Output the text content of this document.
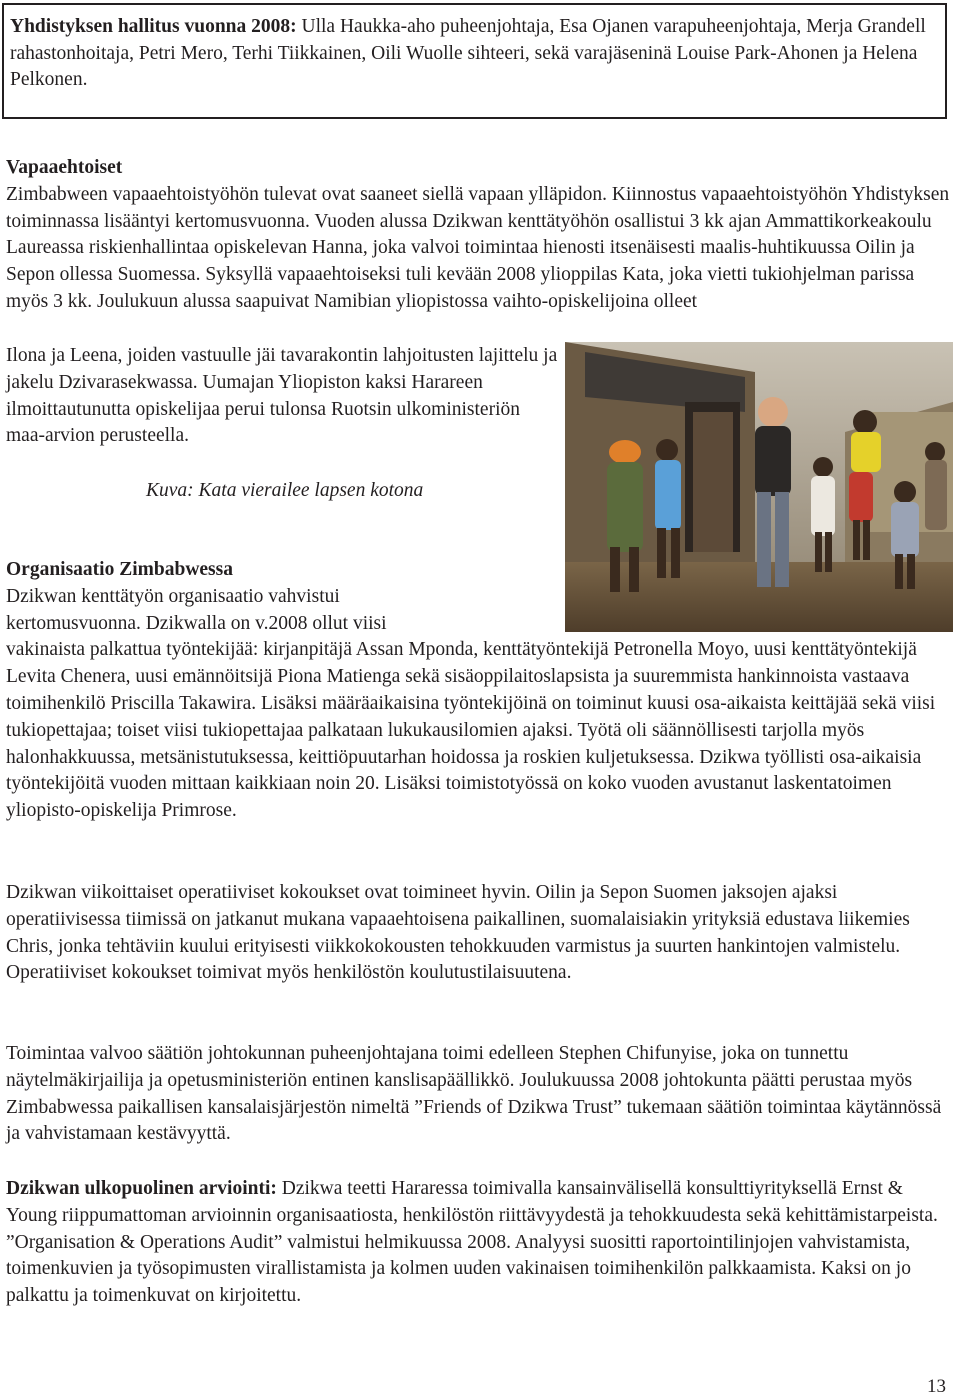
Yhdistyksen hallitus vuonna 2008: Ulla Haukka-aho puheenjohtaja, Esa Ojanen varapuheenjohtaja, Merja Grandell rahastonhoitaja, Petri Mero, Terhi Tiikkainen, Oili Wuolle sihteeri, sekä varajäseninä Louise Park-Ahonen ja Helena Pelkonen.

Vapaaehtoiset

Zimbabween vapaaehtoistyöhön tulevat ovat saaneet siellä vapaan ylläpidon. Kiinnostus vapaaehtoistyöhön Yhdistyksen toiminnassa lisääntyi kertomusvuonna. Vuoden alussa Dzikwan kenttätyöhön osallistui 3 kk ajan Ammattikorkeakoulu Laureassa riskienhallintaa opiskelevan Hanna, joka valvoi toimintaa hienosti itsenäisesti maalis-huhtikuussa Oilin ja Sepon ollessa Suomessa. Syksyllä vapaaehtoiseksi tuli kevään 2008 ylioppilas Kata, joka vietti tukiohjelman parissa myös 3 kk. Joulukuun alussa saapuivat Namibian yliopistossa vaihto-opiskelijoina olleet

Ilona ja Leena, joiden vastuulle jäi tavarakontin lahjoitusten lajittelu ja jakelu Dzivarasekwassa. Uumajan Yliopiston kaksi Harareen ilmoittautunutta opiskelijaa perui tulonsa Ruotsin ulkoministeriön maa-arvion perusteella.

Kuva: Kata vierailee lapsen kotona

Organisaatio Zimbabwessa

Dzikwan kenttätyön organisaatio vahvistui kertomusvuonna. Dzikwalla on v.2008 ollut viisi

vakinaista palkattua työntekijää: kirjanpitäjä Assan Mponda, kenttätyöntekijä Petronella Moyo, uusi kenttätyöntekijä Levita Chenera, uusi emännöitsijä Piona Matienga sekä sisäoppilaitoslapsista ja suuremmista hankinnoista vastaava toimihenkilö Priscilla Takawira. Lisäksi määräaikaisina työntekijöinä on toiminut kuusi osa-aikaista keittäjää sekä viisi tukiopettajaa; toiset viisi tukiopettajaa palkataan lukukausilomien ajaksi. Työtä oli säännöllisesti tarjolla myös halonhakkuussa, metsänistutuksessa, keittiöpuutarhan hoidossa ja roskien kuljetuksessa. Dzikwa työllisti osa-aikaisia työntekijöitä vuoden mittaan kaikkiaan noin 20. Lisäksi toimistotyössä on koko vuoden avustanut laskentatoimen yliopisto-opiskelija Primrose.

Dzikwan viikoittaiset operatiiviset kokoukset ovat toimineet hyvin. Oilin ja Sepon Suomen jaksojen ajaksi operatiivisessa tiimissä on jatkanut mukana vapaaehtoisena paikallinen, suomalaisiakin yrityksiä edustava liikemies Chris, jonka tehtäviin kuului erityisesti viikkokokousten tehokkuuden varmistus ja suurten hankintojen valmistelu. Operatiiviset kokoukset toimivat myös henkilöstön koulutustilaisuutena.

Toimintaa valvoo säätiön johtokunnan puheenjohtajana toimi edelleen Stephen Chifunyise, joka on tunnettu näytelmäkirjailija ja opetusministeriön entinen kanslisapäällikkö. Joulukuussa 2008 johtokunta päätti perustaa myös Zimbabwessa paikallisen kansalaisjärjestön nimeltä ”Friends of Dzikwa Trust” tukemaan säätiön toimintaa käytännössä ja vahvistamaan kestävyyttä.

Dzikwan ulkopuolinen arviointi: Dzikwa teetti Hararessa toimivalla kansainvälisellä konsulttiyrityksellä Ernst & Young riippumattoman arvioinnin organisaatiosta, henkilöstön riittävyydestä ja tehokkuudesta sekä kehittämistarpeista. ”Organisation & Operations Audit” valmistui helmikuussa 2008. Analyysi suositti raportointilinjojen vahvistamista, toimenkuvien ja työsopimusten virallistamista ja kolmen uuden vakinaisen toimihenkilön palkkaamista. Kaksi on jo palkattu ja toimenkuvat on kirjoitettu.

13
